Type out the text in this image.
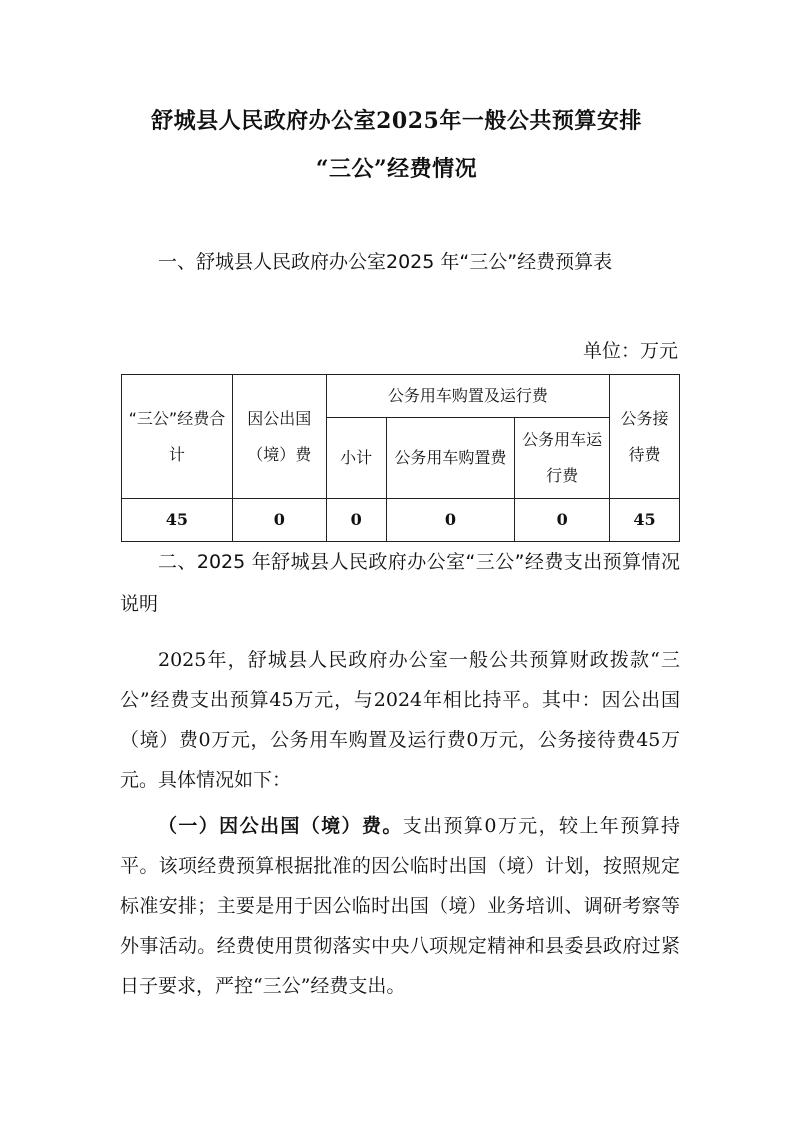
舒城县人民政府办公室2025年一般公共预算安排
“三公”经费情况
一、舒城县人民政府办公室2025 年“三公”经费预算表
单位：万元
“三公”经费合计	因公出国（境）费	公务用车购置及运行费			公务接待费
		小计	公务用车购置费	公务用车运行费	
45	0	0	0	0	45
二、2025 年舒城县人民政府办公室“三公”经费支出预算情况说明
2025年，舒城县人民政府办公室一般公共预算财政拨款“三公”经费支出预算45万元，与2024年相比持平。其中：因公出国（境）费0万元，公务用车购置及运行费0万元，公务接待费45万元。具体情况如下：
（一）因公出国（境）费。支出预算0万元，较上年预算持平。该项经费预算根据批准的因公临时出国（境）计划，按照规定标准安排；主要是用于因公临时出国（境）业务培训、调研考察等外事活动。经费使用贯彻落实中央八项规定精神和县委县政府过紧日子要求，严控“三公”经费支出。
